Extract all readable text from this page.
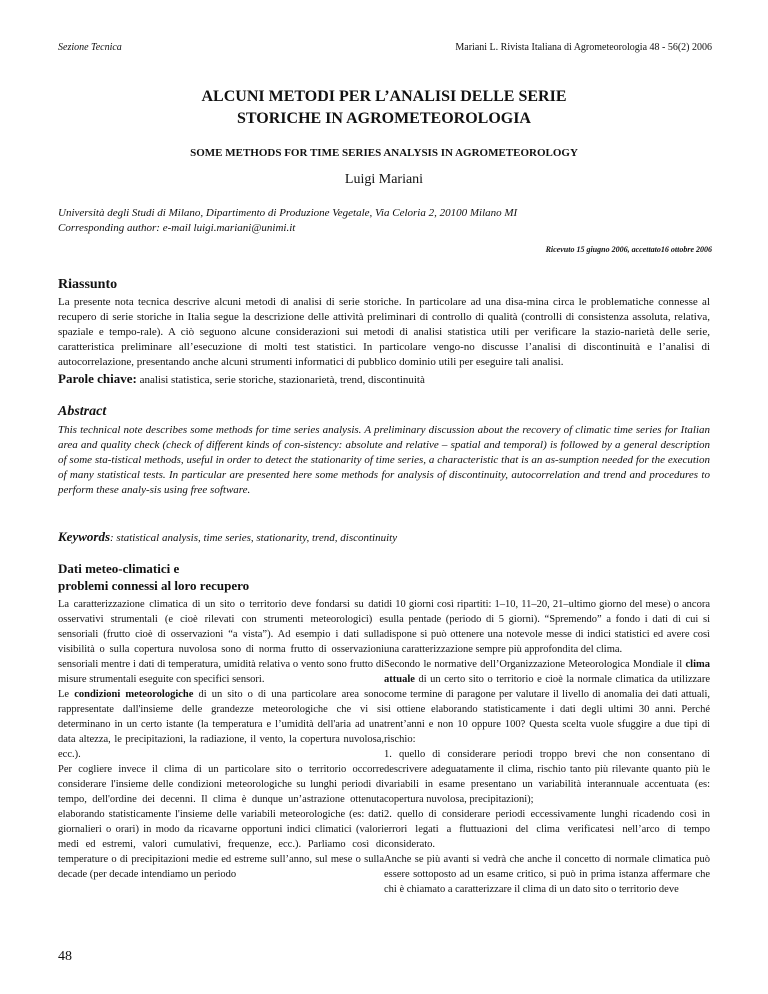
Sezione Tecnica	Mariani L. Rivista Italiana di Agrometeorologia 48 - 56(2) 2006
ALCUNI METODI PER L’ANALISI DELLE SERIE
STORICHE IN AGROMETEOROLOGIA
SOME METHODS FOR TIME SERIES ANALYSIS IN AGROMETEOROLOGY
Luigi Mariani
Università degli Studi di Milano, Dipartimento di Produzione Vegetale, Via Celoria 2, 20100 Milano MI
Corresponding author: e-mail luigi.mariani@unimi.it
Ricevuto 15 giugno 2006, accettato16 ottobre 2006
Riassunto
La presente nota tecnica descrive alcuni metodi di analisi di serie storiche. In particolare ad una disa-mina circa le problematiche connesse al recupero di serie storiche in Italia segue la descrizione delle attività preliminari di controllo di qualità (controlli di consistenza assoluta, relativa, spaziale e tempo-rale). A ciò seguono alcune considerazioni sui metodi di analisi statistica utili per verificare la stazio-narietà delle serie, caratteristica preliminare all’esecuzione di molti test statistici. In particolare vengo-no discusse l’analisi di discontinuità e l’analisi di autocorrelazione, presentando anche alcuni strumenti informatici di pubblico dominio utili per eseguire tali analisi.
Parole chiave: analisi statistica, serie storiche, stazionarietà, trend, discontinuità
Abstract
This technical note describes some methods for time series analysis. A preliminary discussion about the recovery of climatic time series for Italian area and quality check (check of different kinds of con-sistency: absolute and relative – spatial and temporal) is followed by a general description of some sta-tistical methods, useful in order to detect the stationarity of time series, a characteristic that is an as-sumption needed for the execution of many statistical tests. In particular are presented here some methods for analysis of discontinuity, autocorrelation and trend and procedures to perform these analy-sis using free software.
Keywords: statistical analysis, time series, stationarity, trend, discontinuity
Dati meteo-climatici e
problemi connessi al loro recupero
La caratterizzazione climatica di un sito o territorio deve fondarsi su dati osservativi strumentali (e cioè rilevati con strumenti meteorologici) e sensoriali (frutto cioè di osservazioni “a vista”). Ad esempio i dati sulla visibilità o sulla copertura nuvolosa sono di norma frutto di osservazioni sensoriali mentre i dati di temperatura, umidità relativa o vento sono frutto di misure strumentali eseguite con specifici sensori.
Le condizioni meteorologiche di un sito o di una particolare area sono rappresentate dall'insieme delle grandezze meteorologiche che vi si determinano in un certo istante (la temperatura e l’umidità dell'aria ad una data altezza, le precipitazioni, la radiazione, il vento, la copertura nuvolosa, ecc.).
Per cogliere invece il clima di un particolare sito o territorio occorre considerare l'insieme delle condizioni meteorologiche su lunghi periodi di tempo, dell'ordine dei decenni. Il clima è dunque un’astrazione ottenuta elaborando statisticamente l'insieme delle variabili meteorologiche (es: dati giornalieri o orari) in modo da ricavarne opportuni indici climatici (valori medi ed estremi, valori cumulativi, frequenze, ecc.). Parliamo così di temperature o di precipitazioni medie ed estreme sull’anno, sul mese o sulla decade (per decade intendiamo un periodo
di 10 giorni così ripartiti: 1–10, 11–20, 21–ultimo giorno del mese) o ancora sulla pentade (periodo di 5 giorni). “Spremendo” a fondo i dati di cui si dispone si può ottenere una notevole messe di indici statistici ed avere così una caratterizzazione sempre più approfondita del clima.
Secondo le normative dell’Organizzazione Meteorologica Mondiale il clima attuale di un certo sito o territorio e cioè la normale climatica da utilizzare come termine di paragone per valutare il livello di anomalia dei dati attuali, si ottiene elaborando statisticamente i dati degli ultimi 30 anni. Perché trent’anni e non 10 oppure 100? Questa scelta vuole sfuggire a due tipi di rischio:
1. quello di considerare periodi troppo brevi che non consentano di descrivere adeguatamente il clima, rischio tanto più rilevante quanto più le variabili in esame presentano un variabilità interannuale accentuata (es: copertura nuvolosa, precipitazioni);
2. quello di considerare periodi eccessivamente lunghi ricadendo così in errori legati a fluttuazioni del clima verificatesi nell’arco di tempo considerato.
Anche se più avanti si vedrà che anche il concetto di normale climatica può essere sottoposto ad un esame critico, si può in prima istanza affermare che chi è chiamato a caratterizzare il clima di un dato sito o territorio deve
48
